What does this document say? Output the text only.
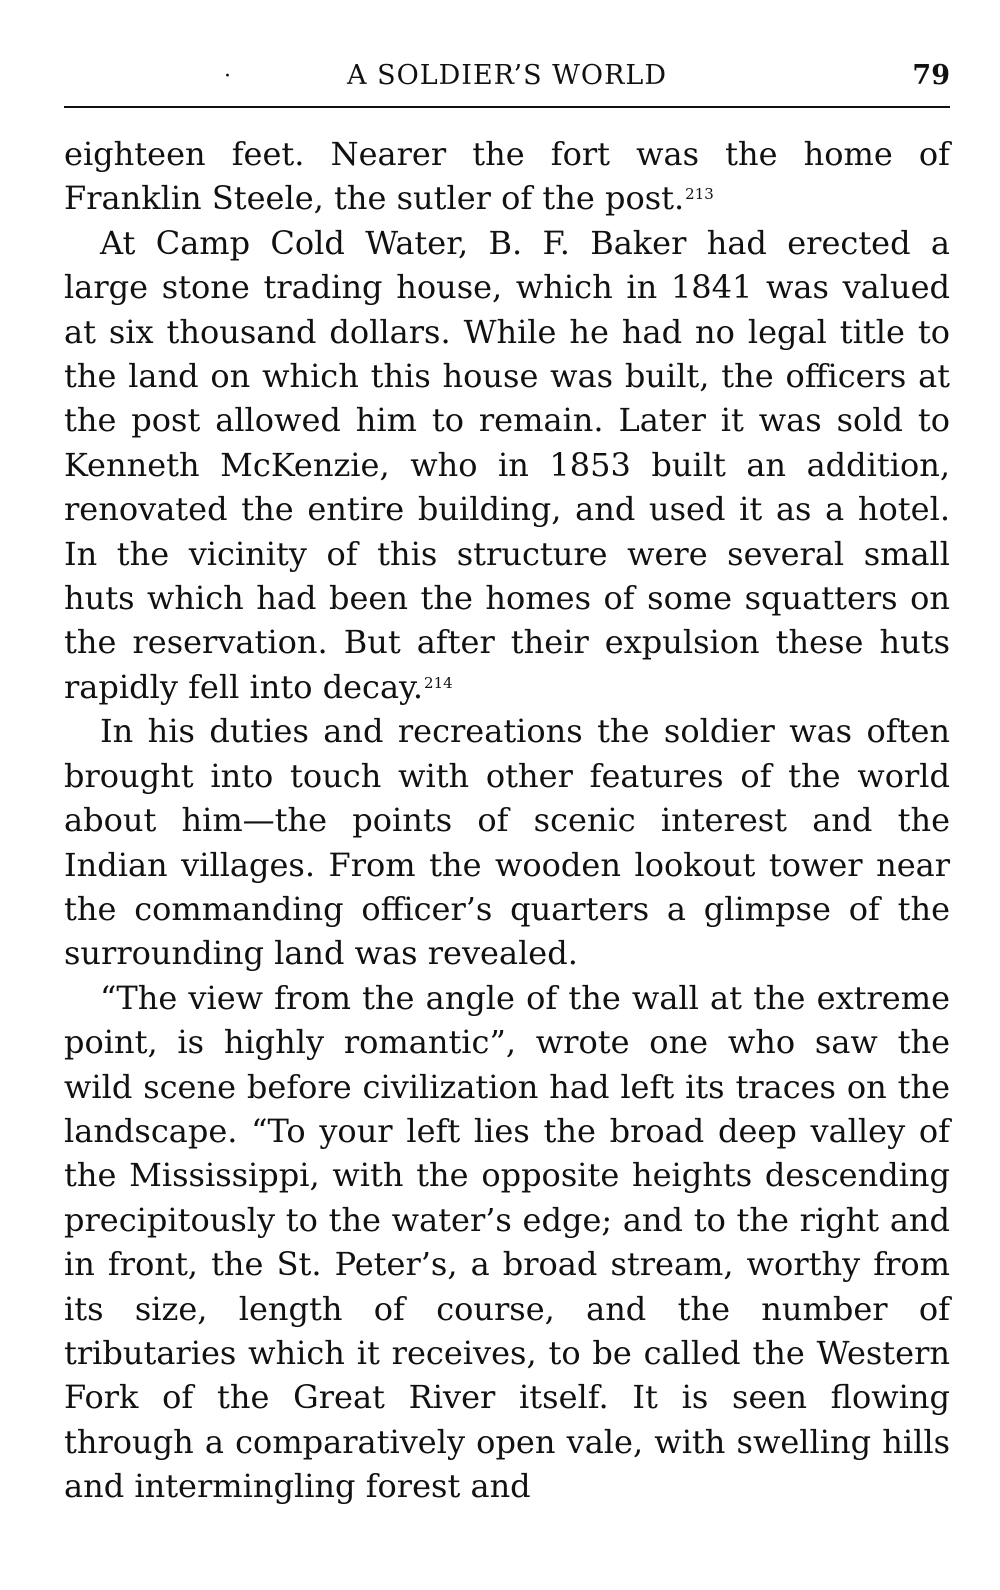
·	A SOLDIER’S WORLD	79

eighteen feet. Nearer the fort was the home of Franklin Steele, the sutler of the post.$^{213}$

At Camp Cold Water, B. F. Baker had erected a large stone trading house, which in 1841 was valued at six thousand dollars. While he had no legal title to the land on which this house was built, the officers at the post allowed him to remain. Later it was sold to Kenneth McKenzie, who in 1853 built an addition, renovated the entire building, and used it as a hotel. In the vicinity of this structure were several small huts which had been the homes of some squatters on the reservation. But after their expulsion these huts rapidly fell into decay.$^{214}$

In his duties and recreations the soldier was often brought into touch with other features of the world about him—the points of scenic interest and the Indian villages. From the wooden lookout tower near the commanding officer’s quarters a glimpse of the surrounding land was revealed.

“The view from the angle of the wall at the extreme point, is highly romantic”, wrote one who saw the wild scene before civilization had left its traces on the landscape. “To your left lies the broad deep valley of the Mississippi, with the opposite heights descending precipitously to the water’s edge; and to the right and in front, the St. Peter’s, a broad stream, worthy from its size, length of course, and the number of tributaries which it receives, to be called the Western Fork of the Great River itself. It is seen flowing through a comparatively open vale, with swelling hills and intermingling forest and
